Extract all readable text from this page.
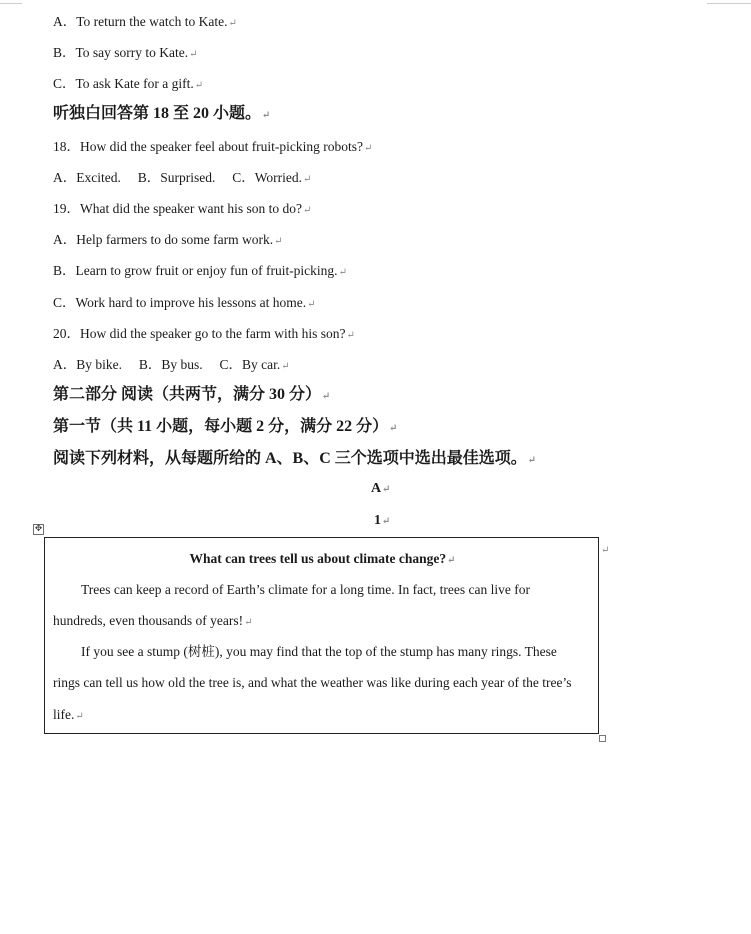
A．To return the watch to Kate.↵
B．To say sorry to Kate.↵
C．To ask Kate for a gift.↵
听独白回答第 18 至 20 小题。↵
18．How did the speaker feel about fruit-picking robots?↵
A．Excited.     B．Surprised.     C．Worried.↵
19．What did the speaker want his son to do?↵
A．Help farmers to do some farm work.↵
B．Learn to grow fruit or enjoy fun of fruit-picking.↵
C．Work hard to improve his lessons at home.↵
20．How did the speaker go to the farm with his son?↵
A．By bike.     B．By bus.     C．By car.↵
第二部分 阅读（共两节，满分 30 分）↵
第一节（共 11 小题，每小题 2 分，满分 22 分）↵
阅读下列材料，从每题所给的 A、B、C 三个选项中选出最佳选项。↵
A↵
1↵
✥
What can trees tell us about climate change?↵
Trees can keep a record of Earth’s climate for a long time. In fact, trees can live for
hundreds, even thousands of years!↵
If you see a stump (树桩), you may find that the top of the stump has many rings. These
rings can tell us how old the tree is, and what the weather was like during each year of the tree’s
life.↵
↵
